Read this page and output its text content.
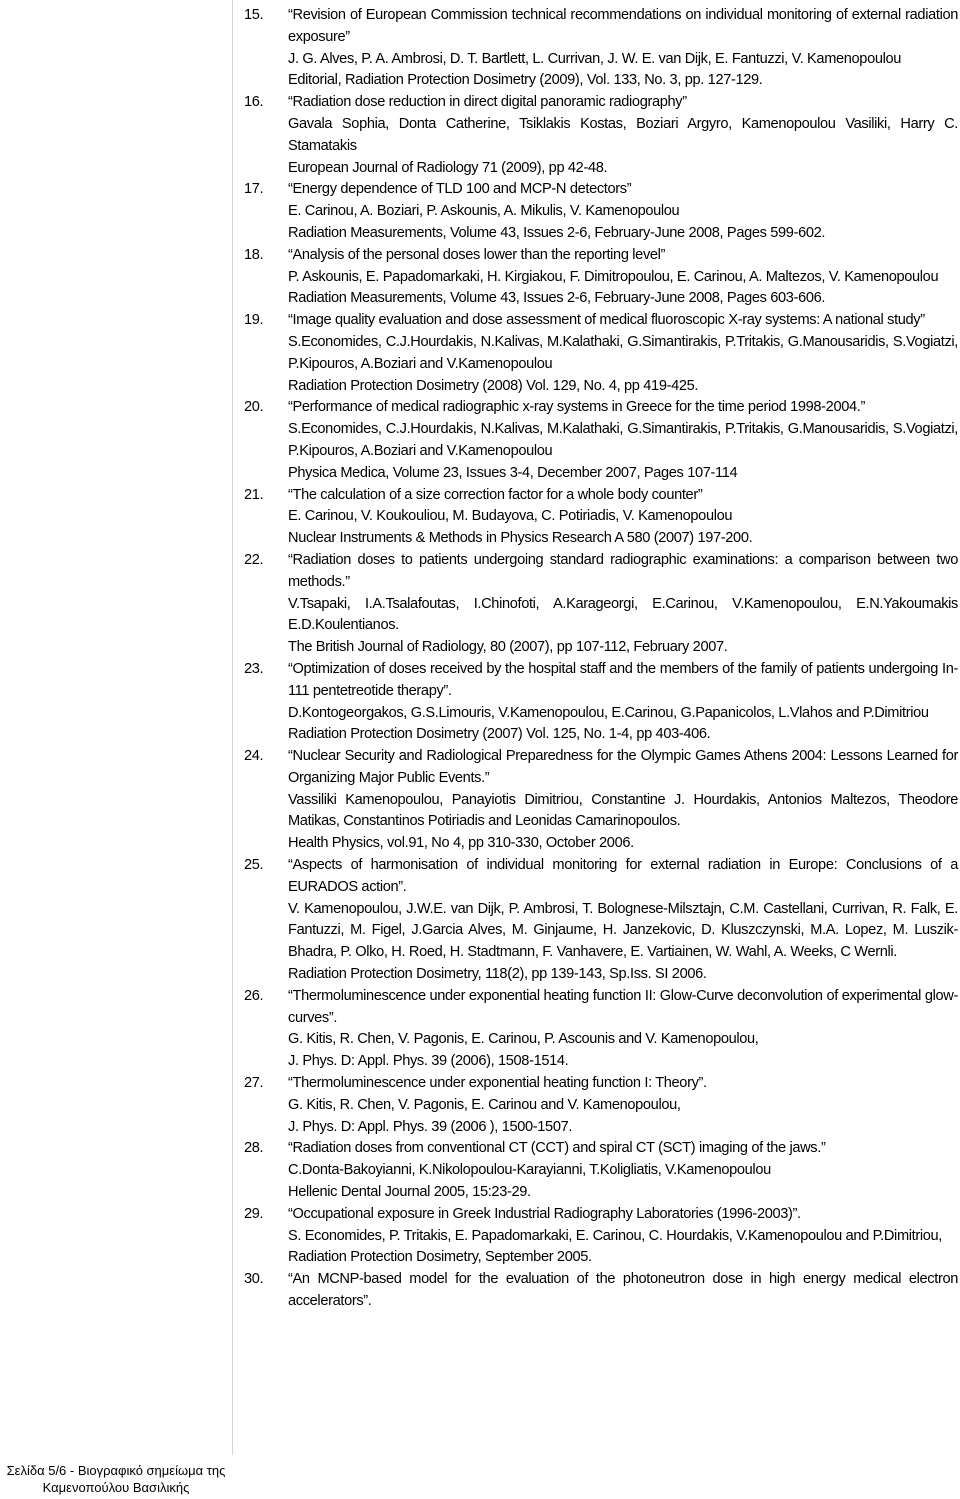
15. “Revision of European Commission technical recommendations on individual monitoring of external radiation exposure”
J. G. Alves, P. A. Ambrosi, D. T. Bartlett, L. Currivan, J. W. E. van Dijk, E. Fantuzzi, V. Kamenopoulou
Editorial, Radiation Protection Dosimetry (2009), Vol. 133, No. 3, pp. 127-129.
16. “Radiation dose reduction in direct digital panoramic radiography”
Gavala Sophia, Donta Catherine, Tsiklakis Kostas, Boziari Argyro, Kamenopoulou Vasiliki, Harry C. Stamatakis
European Journal of Radiology 71 (2009), pp 42-48.
17. “Energy dependence of TLD 100 and MCP-N detectors”
E. Carinou, A. Boziari, P. Askounis, A. Mikulis, V. Kamenopoulou
Radiation Measurements, Volume 43, Issues 2-6, February-June 2008, Pages 599-602.
18. “Analysis of the personal doses lower than the reporting level”
P. Askounis, E. Papadomarkaki, H. Kirgiakou, F. Dimitropoulou, E. Carinou, A. Maltezos, V. Kamenopoulou
Radiation Measurements, Volume 43, Issues 2-6, February-June 2008, Pages 603-606.
19. “Image quality evaluation and dose assessment of medical fluoroscopic X-ray systems: A national study”
S.Economides, C.J.Hourdakis, N.Kalivas, M.Kalathaki, G.Simantirakis, P.Tritakis, G.Manousaridis, S.Vogiatzi, P.Kipouros, A.Boziari and V.Kamenopoulou
Radiation Protection Dosimetry (2008) Vol. 129, No. 4, pp 419-425.
20. “Performance of medical radiographic x-ray systems in Greece for the time period 1998-2004.”
S.Economides, C.J.Hourdakis, N.Kalivas, M.Kalathaki, G.Simantirakis, P.Tritakis, G.Manousaridis, S.Vogiatzi, P.Kipouros, A.Boziari and V.Kamenopoulou
Physica Medica, Volume 23, Issues 3-4, December 2007, Pages 107-114
21. “The calculation of a size correction factor for a whole body counter”
E. Carinou, V. Koukouliou, M. Budayova, C. Potiriadis, V. Kamenopoulou
Nuclear Instruments & Methods in Physics Research A 580 (2007) 197-200.
22. “Radiation doses to patients undergoing standard radiographic examinations: a comparison between two methods.”
V.Tsapaki, I.A.Tsalafoutas, I.Chinofoti, A.Karageorgi, E.Carinou, V.Kamenopoulou, E.N.Yakoumakis E.D.Koulentianos.
The British Journal of Radiology, 80 (2007), pp 107-112, February 2007.
23. “Optimization of doses received by the hospital staff and the members of the family of patients undergoing In-111 pentetreotide therapy”.
D.Kontogeorgakos, G.S.Limouris, V.Kamenopoulou, E.Carinou, G.Papanicolos, L.Vlahos and P.Dimitriou
Radiation Protection Dosimetry (2007) Vol. 125, No. 1-4, pp 403-406.
24. “Nuclear Security and Radiological Preparedness for the Olympic Games Athens 2004: Lessons Learned for Organizing Major Public Events.”
Vassiliki Kamenopoulou, Panayiotis Dimitriou, Constantine J. Hourdakis, Antonios Maltezos, Theodore Matikas, Constantinos Potiriadis and Leonidas Camarinopoulos.
Health Physics, vol.91, No 4, pp 310-330, October 2006.
25. “Aspects of harmonisation of individual monitoring for external radiation in Europe: Conclusions of a EURADOS action”.
V. Kamenopoulou, J.W.E. van Dijk, P. Ambrosi, T. Bolognese-Milsztajn, C.M. Castellani, Currivan, R. Falk, E. Fantuzzi, M. Figel, J.Garcia Alves, M. Ginjaume, H. Janzekovic, D. Kluszczynski, M.A. Lopez, M. Luszik-Bhadra, P. Olko, H. Roed, H. Stadtmann, F. Vanhavere, E. Vartiainen, W. Wahl, A. Weeks, C Wernli.
Radiation Protection Dosimetry, 118(2), pp 139-143, Sp.Iss. SI 2006.
26. “Thermoluminescence under exponential heating function II: Glow-Curve deconvolution of experimental glow-curves”.
G. Kitis, R. Chen, V. Pagonis, E. Carinou, P. Ascounis and V. Kamenopoulou,
J. Phys. D: Appl. Phys. 39 (2006), 1508-1514.
27. “Thermoluminescence under exponential heating function I: Theory”.
G. Kitis, R. Chen, V. Pagonis, E. Carinou and V. Kamenopoulou,
J. Phys. D: Appl. Phys. 39 (2006 ), 1500-1507.
28. “Radiation doses from conventional CT (CCT) and spiral CT (SCT) imaging of the jaws.”
C.Donta-Bakoyianni, K.Nikolopoulou-Karayianni, T.Koligliatis, V.Kamenopoulou
Hellenic Dental Journal 2005, 15:23-29.
29. “Occupational exposure in Greek Industrial Radiography Laboratories (1996-2003)”.
S. Economides, P. Tritakis, E. Papadomarkaki, E. Carinou, C. Hourdakis, V.Kamenopoulou and P.Dimitriou,
Radiation Protection Dosimetry, September 2005.
30. “An MCNP-based model for the evaluation of the photoneutron dose in high energy medical electron accelerators”.
Σελίδα 5/6 - Βιογραφικό σημείωμα της
Καμενοπούλου Βασιλικής
